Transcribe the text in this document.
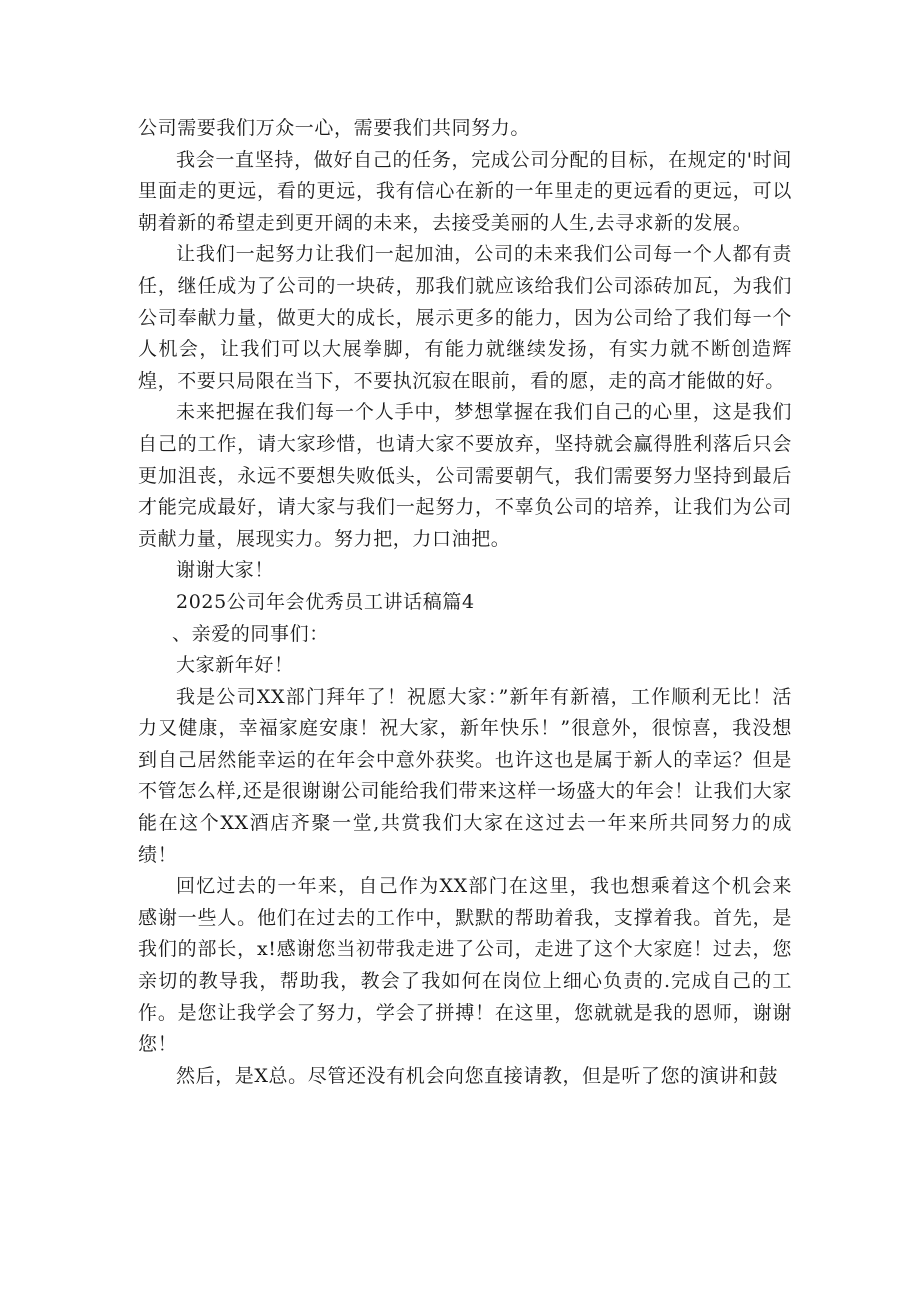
公司需要我们万众一心，需要我们共同努力。

我会一直坚持，做好自己的任务，完成公司分配的目标，在规定的'时间里面走的更远，看的更远，我有信心在新的一年里走的更远看的更远，可以朝着新的希望走到更开阔的未来，去接受美丽的人生,去寻求新的发展。

让我们一起努力让我们一起加油，公司的未来我们公司每一个人都有责任，继任成为了公司的一块砖，那我们就应该给我们公司添砖加瓦，为我们公司奉献力量，做更大的成长，展示更多的能力，因为公司给了我们每一个人机会，让我们可以大展拳脚，有能力就继续发扬，有实力就不断创造辉煌，不要只局限在当下，不要执沉寂在眼前，看的愿，走的高才能做的好。

未来把握在我们每一个人手中，梦想掌握在我们自己的心里，这是我们自己的工作，请大家珍惜，也请大家不要放弃，坚持就会赢得胜利落后只会更加沮丧，永远不要想失败低头，公司需要朝气，我们需要努力坚持到最后才能完成最好，请大家与我们一起努力，不辜负公司的培养，让我们为公司贡献力量，展现实力。努力把，力口油把。

谢谢大家！

2025公司年会优秀员工讲话稿篇4

、亲爱的同事们：

大家新年好！

我是公司XX部门拜年了！祝愿大家：”新年有新禧，工作顺利无比！活力又健康，幸福家庭安康！祝大家，新年快乐！”很意外，很惊喜，我没想到自己居然能幸运的在年会中意外获奖。也许这也是属于新人的幸运？但是不管怎么样,还是很谢谢公司能给我们带来这样一场盛大的年会！让我们大家能在这个XX酒店齐聚一堂,共赏我们大家在这过去一年来所共同努力的成绩！

回忆过去的一年来，自己作为XX部门在这里，我也想乘着这个机会来感谢一些人。他们在过去的工作中，默默的帮助着我，支撑着我。首先，是我们的部长，x!感谢您当初带我走进了公司，走进了这个大家庭！过去，您亲切的教导我，帮助我，教会了我如何在岗位上细心负责的.完成自己的工作。是您让我学会了努力，学会了拼搏！在这里，您就就是我的恩师，谢谢您！

然后，是X总。尽管还没有机会向您直接请教，但是听了您的演讲和鼓
